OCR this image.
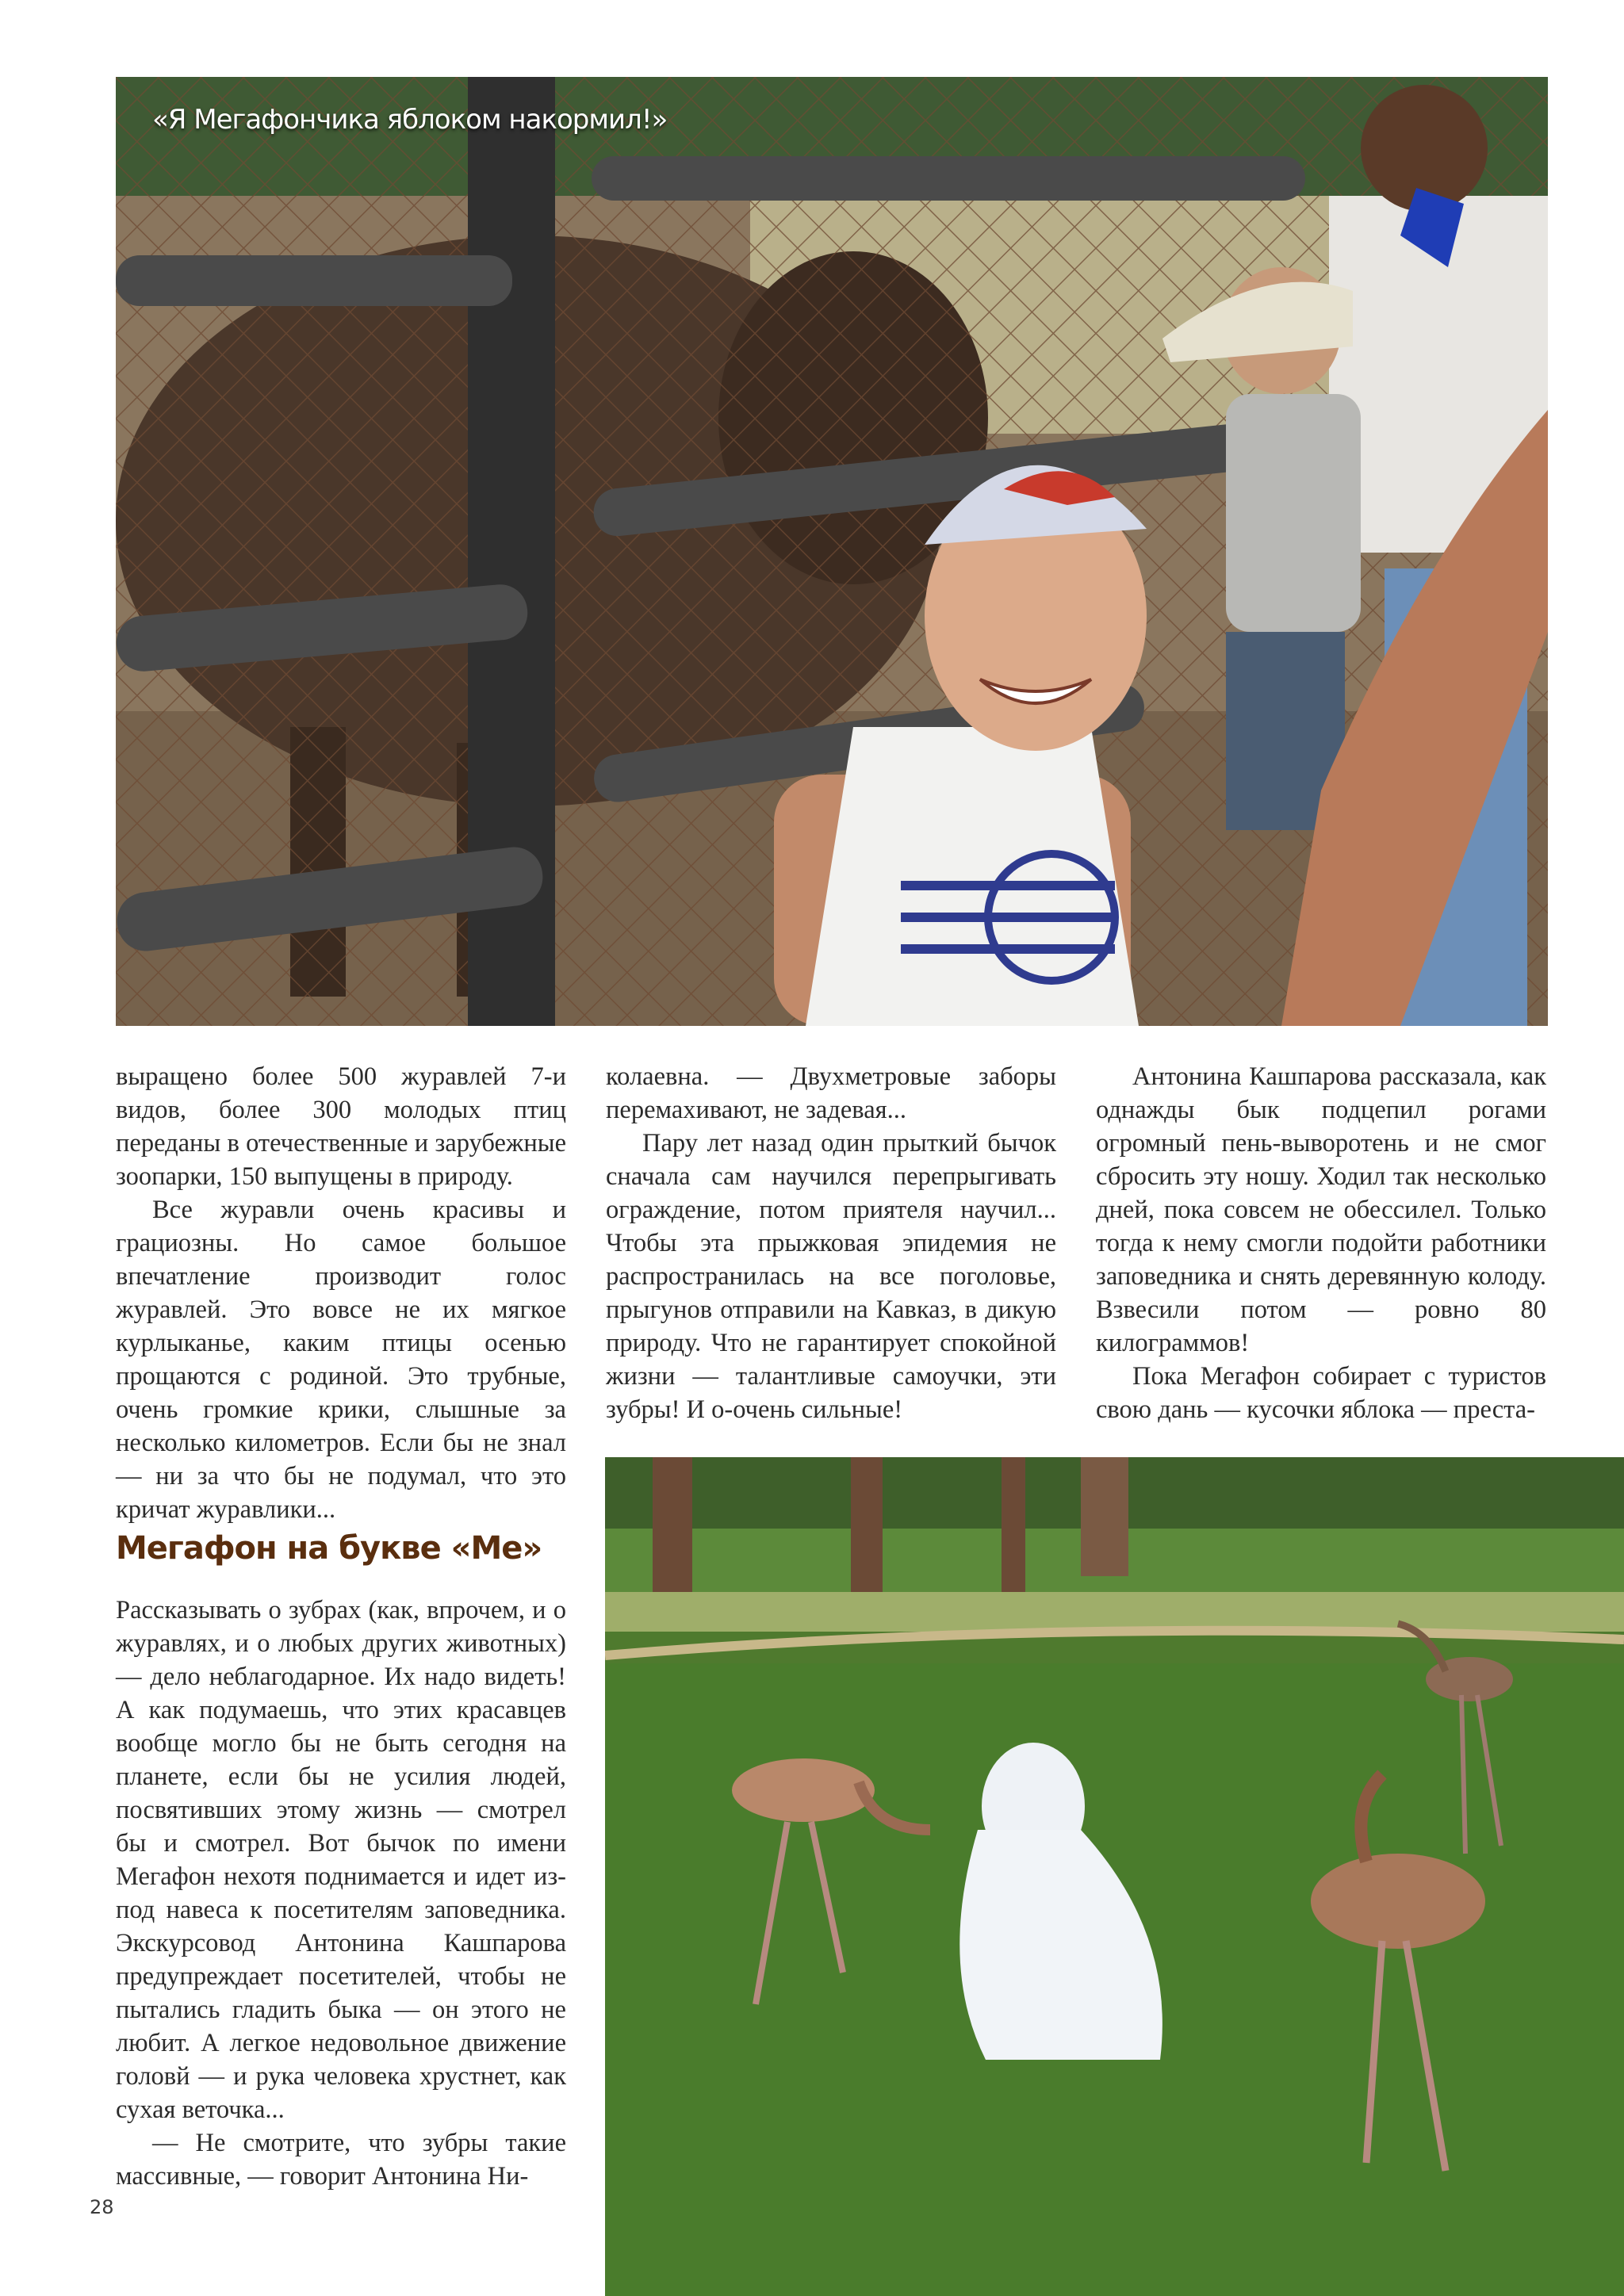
«Я Мегафончика яблоком накормил!»

выращено более 500 журавлей 7-и видов, более 300 молодых птиц переданы в отечественные и зарубежные зоопарки, 150 выпущены в природу.

Все журавли очень красивы и грациозны. Но самое большое впечатление производит голос журавлей. Это вовсе не их мягкое курлыканье, каким птицы осенью прощаются с родиной. Это трубные, очень громкие крики, слышные за несколько километров. Если бы не знал — ни за что бы не подумал, что это кричат журавлики...

Мегафон на букве «Ме»

Рассказывать о зубрах (как, впрочем, и о журавлях, и о любых других животных) — дело неблагодарное. Их надо видеть! А как подумаешь, что этих красавцев вообще могло бы не быть сегодня на планете, если бы не усилия людей, посвятивших этому жизнь — смотрел бы и смотрел. Вот бычок по имени Мегафон нехотя поднимается и идет из-под навеса к посетителям заповедника. Экскурсовод Антонина Кашпарова предупреждает посетителей, чтобы не пытались гладить быка — он этого не любит. А легкое недовольное движение головй — и рука человека хрустнет, как сухая веточка...

— Не смотрите, что зубры такие массивные, — говорит Антонина Ни-

колаевна. — Двухметровые заборы перемахивают, не задевая...

Пару лет назад один прыткий бычок сначала сам научился перепрыгивать ограждение, потом приятеля научил... Чтобы эта прыжковая эпидемия не распространилась на все поголовье, прыгунов отправили на Кавказ, в дикую природу. Что не гарантирует спокойной жизни — талантливые самоучки, эти зубры! И о-очень сильные!

Антонина Кашпарова рассказала, как однажды бык подцепил рогами огромный пень-выворотень и не смог сбросить эту ношу. Ходил так несколько дней, пока совсем не обессилел. Только тогда к нему смогли подойти работники заповедника и снять деревянную колоду. Взвесили потом — ровно 80 килограммов!

Пока Мегафон собирает с туристов свою дань — кусочки яблока — преста-

28
